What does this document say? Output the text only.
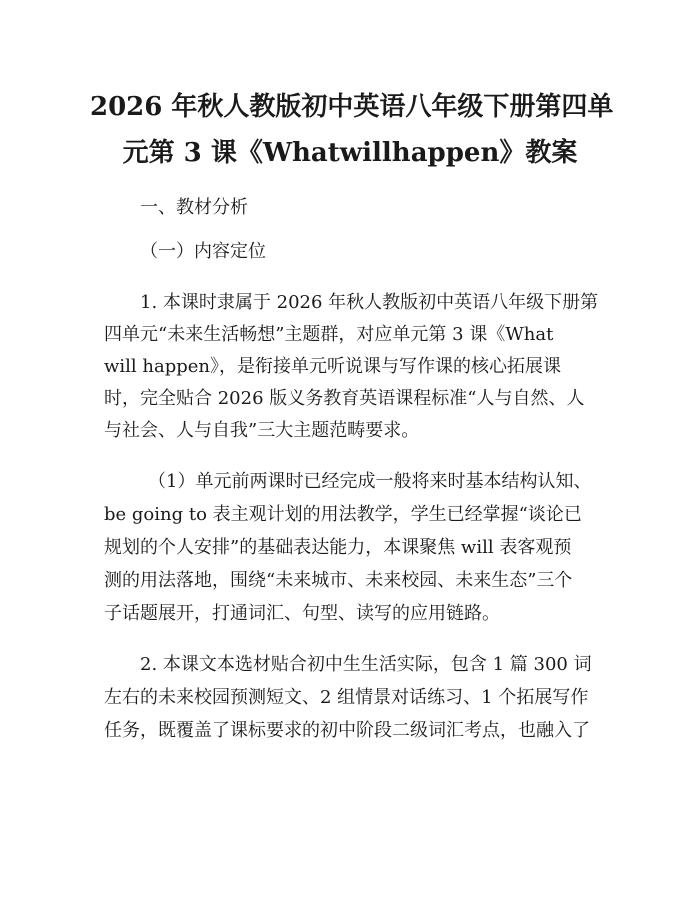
2026 年秋人教版初中英语八年级下册第四单
元第 3 课《Whatwillhappen》教案
一、教材分析
（一）内容定位
1. 本课时隶属于 2026 年秋人教版初中英语八年级下册第
四单元“未来生活畅想”主题群，对应单元第 3 课《What
will happen》，是衔接单元听说课与写作课的核心拓展课
时，完全贴合 2026 版义务教育英语课程标准“人与自然、人
与社会、人与自我”三大主题范畴要求。
（1）单元前两课时已经完成一般将来时基本结构认知、
be going to 表主观计划的用法教学，学生已经掌握“谈论已
规划的个人安排”的基础表达能力，本课聚焦 will 表客观预
测的用法落地，围绕“未来城市、未来校园、未来生态”三个
子话题展开，打通词汇、句型、读写的应用链路。
2. 本课文本选材贴合初中生生活实际，包含 1 篇 300 词
左右的未来校园预测短文、2 组情景对话练习、1 个拓展写作
任务，既覆盖了课标要求的初中阶段二级词汇考点，也融入了
